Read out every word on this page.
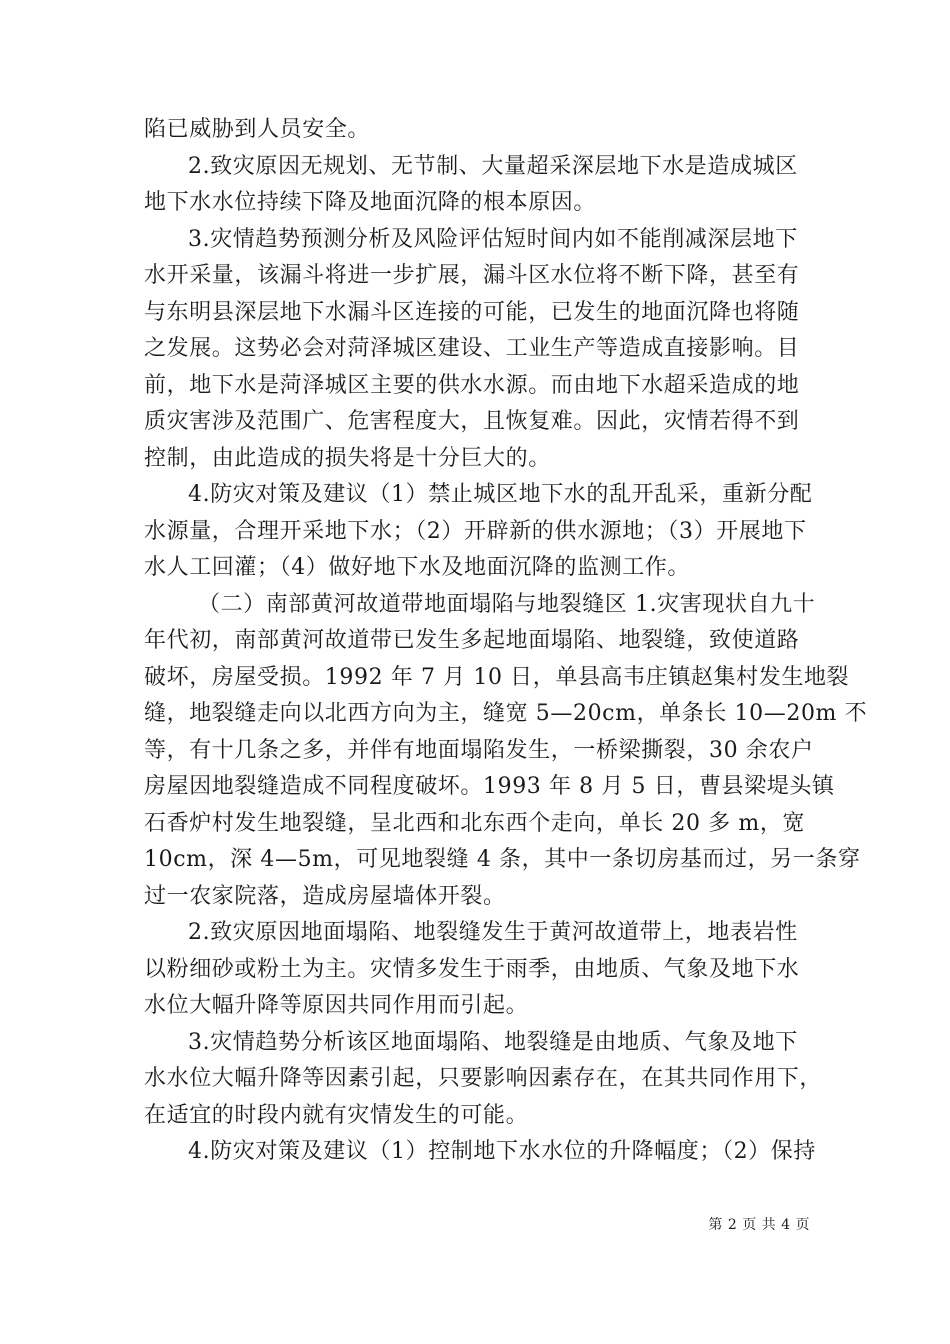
陷已威胁到人员安全。
2.致灾原因无规划、无节制、大量超采深层地下水是造成城区
地下水水位持续下降及地面沉降的根本原因。
3.灾情趋势预测分析及风险评估短时间内如不能削减深层地下
水开采量，该漏斗将进一步扩展，漏斗区水位将不断下降，甚至有
与东明县深层地下水漏斗区连接的可能，已发生的地面沉降也将随
之发展。这势必会对菏泽城区建设、工业生产等造成直接影响。目
前，地下水是菏泽城区主要的供水水源。而由地下水超采造成的地
质灾害涉及范围广、危害程度大，且恢复难。因此，灾情若得不到
控制，由此造成的损失将是十分巨大的。
4.防灾对策及建议（1）禁止城区地下水的乱开乱采，重新分配
水源量，合理开采地下水；（2）开辟新的供水源地；（3）开展地下
水人工回灌；（4）做好地下水及地面沉降的监测工作。
（二）南部黄河故道带地面塌陷与地裂缝区 1.灾害现状自九十
年代初，南部黄河故道带已发生多起地面塌陷、地裂缝，致使道路
破坏，房屋受损。1992 年 7 月 10 日，单县高韦庄镇赵集村发生地裂
缝，地裂缝走向以北西方向为主，缝宽 5—20cm，单条长 10—20m 不
等，有十几条之多，并伴有地面塌陷发生，一桥梁撕裂，30 余农户
房屋因地裂缝造成不同程度破坏。1993 年 8 月 5 日，曹县梁堤头镇
石香炉村发生地裂缝，呈北西和北东西个走向，单长 20 多 m，宽
10cm，深 4—5m，可见地裂缝 4 条，其中一条切房基而过，另一条穿
过一农家院落，造成房屋墙体开裂。
2.致灾原因地面塌陷、地裂缝发生于黄河故道带上，地表岩性
以粉细砂或粉土为主。灾情多发生于雨季，由地质、气象及地下水
水位大幅升降等原因共同作用而引起。
3.灾情趋势分析该区地面塌陷、地裂缝是由地质、气象及地下
水水位大幅升降等因素引起，只要影响因素存在，在其共同作用下，
在适宜的时段内就有灾情发生的可能。
4.防灾对策及建议（1）控制地下水水位的升降幅度；（2）保持
第 2 页 共 4 页
